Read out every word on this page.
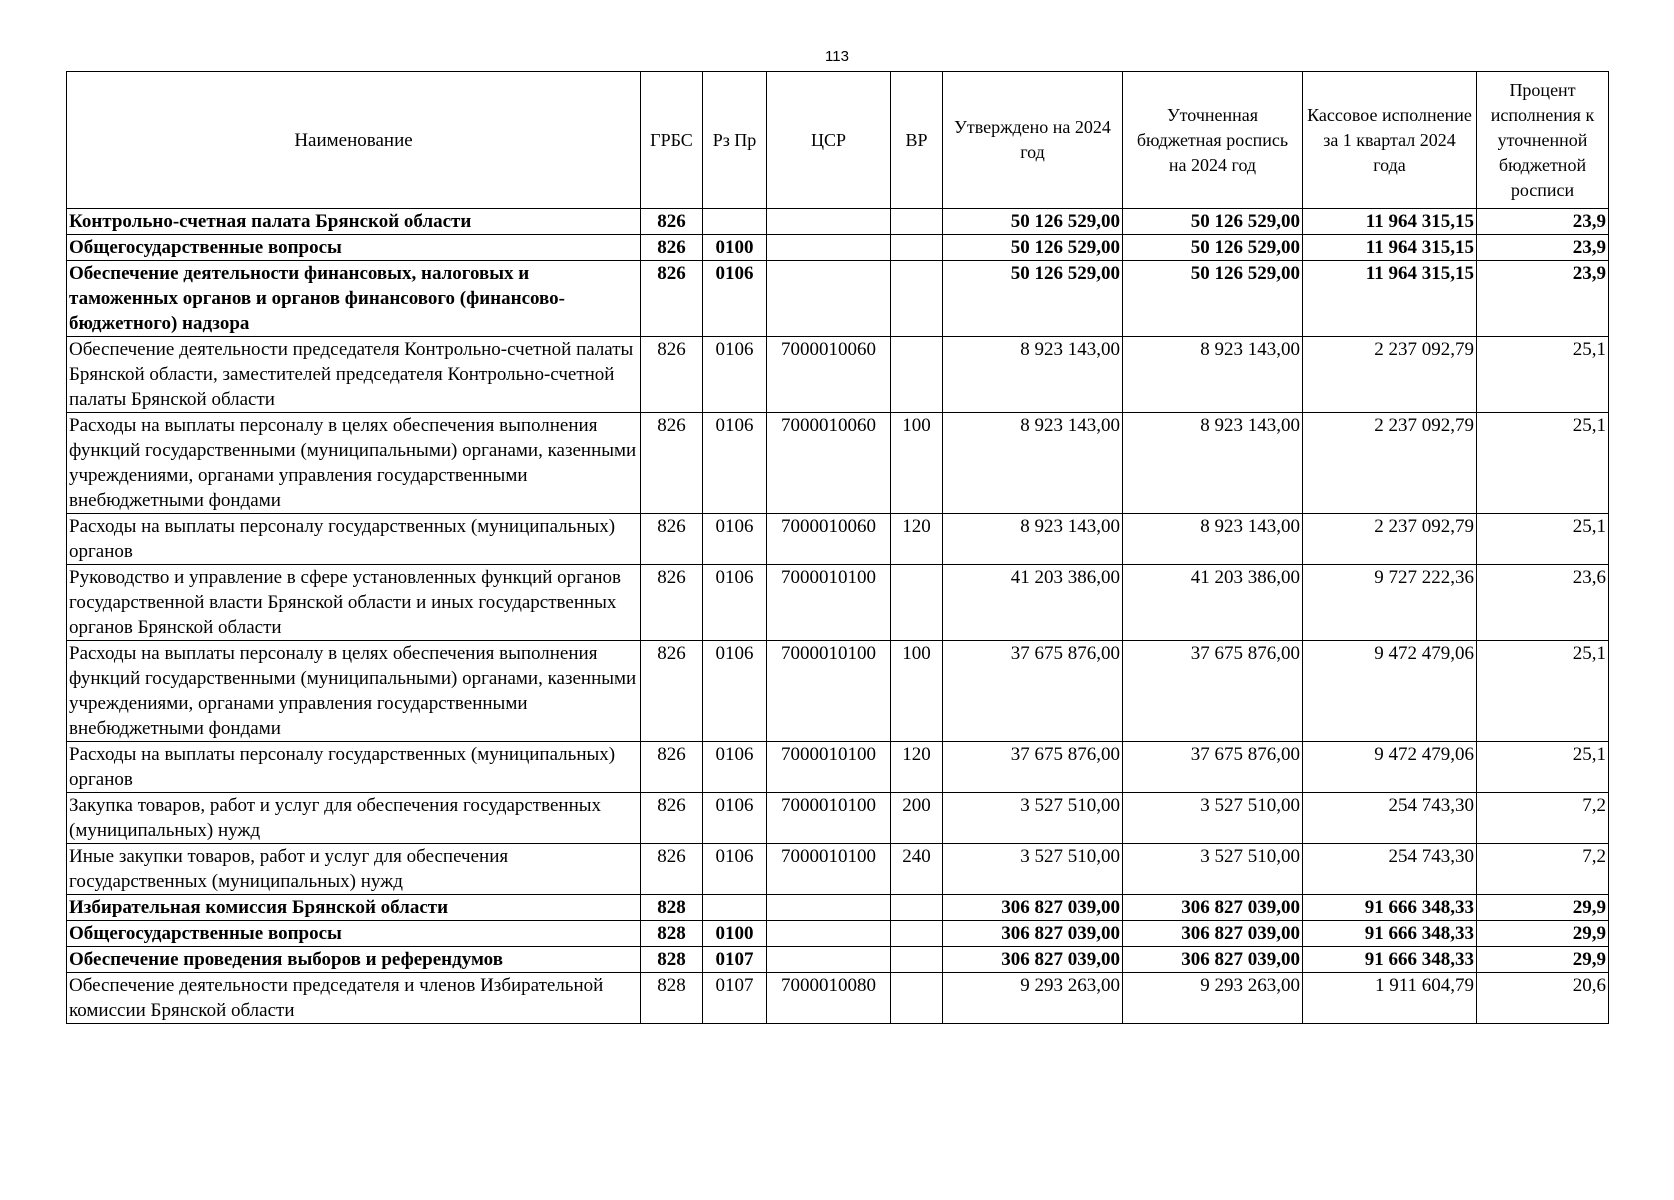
113
Наименование	ГРБС	Рз Пр	ЦСР	ВР	Утверждено на 2024 год	Уточненная бюджетная роспись на 2024 год	Кассовое исполнение за 1 квартал 2024 года	Процент исполнения к уточненной бюджетной росписи
Контрольно-счетная палата Брянской области	826				50 126 529,00	50 126 529,00	11 964 315,15	23,9
Общегосударственные вопросы	826	0100			50 126 529,00	50 126 529,00	11 964 315,15	23,9
Обеспечение деятельности финансовых, налоговых и таможенных органов и органов финансового (финансово-бюджетного) надзора	826	0106			50 126 529,00	50 126 529,00	11 964 315,15	23,9
Обеспечение деятельности председателя Контрольно-счетной палаты Брянской области, заместителей председателя Контрольно-счетной палаты Брянской области	826	0106	7000010060		8 923 143,00	8 923 143,00	2 237 092,79	25,1
Расходы на выплаты персоналу в целях обеспечения выполнения функций государственными (муниципальными) органами, казенными учреждениями, органами управления государственными внебюджетными фондами	826	0106	7000010060	100	8 923 143,00	8 923 143,00	2 237 092,79	25,1
Расходы на выплаты персоналу государственных (муниципальных) органов	826	0106	7000010060	120	8 923 143,00	8 923 143,00	2 237 092,79	25,1
Руководство и управление в сфере установленных функций органов государственной власти Брянской области и иных государственных органов Брянской области	826	0106	7000010100		41 203 386,00	41 203 386,00	9 727 222,36	23,6
Расходы на выплаты персоналу в целях обеспечения выполнения функций государственными (муниципальными) органами, казенными учреждениями, органами управления государственными внебюджетными фондами	826	0106	7000010100	100	37 675 876,00	37 675 876,00	9 472 479,06	25,1
Расходы на выплаты персоналу государственных (муниципальных) органов	826	0106	7000010100	120	37 675 876,00	37 675 876,00	9 472 479,06	25,1
Закупка товаров, работ и услуг для обеспечения государственных (муниципальных) нужд	826	0106	7000010100	200	3 527 510,00	3 527 510,00	254 743,30	7,2
Иные закупки товаров, работ и услуг для обеспечения государственных (муниципальных) нужд	826	0106	7000010100	240	3 527 510,00	3 527 510,00	254 743,30	7,2
Избирательная комиссия Брянской области	828				306 827 039,00	306 827 039,00	91 666 348,33	29,9
Общегосударственные вопросы	828	0100			306 827 039,00	306 827 039,00	91 666 348,33	29,9
Обеспечение проведения выборов и референдумов	828	0107			306 827 039,00	306 827 039,00	91 666 348,33	29,9
Обеспечение деятельности председателя и членов Избирательной комиссии Брянской области	828	0107	7000010080		9 293 263,00	9 293 263,00	1 911 604,79	20,6
